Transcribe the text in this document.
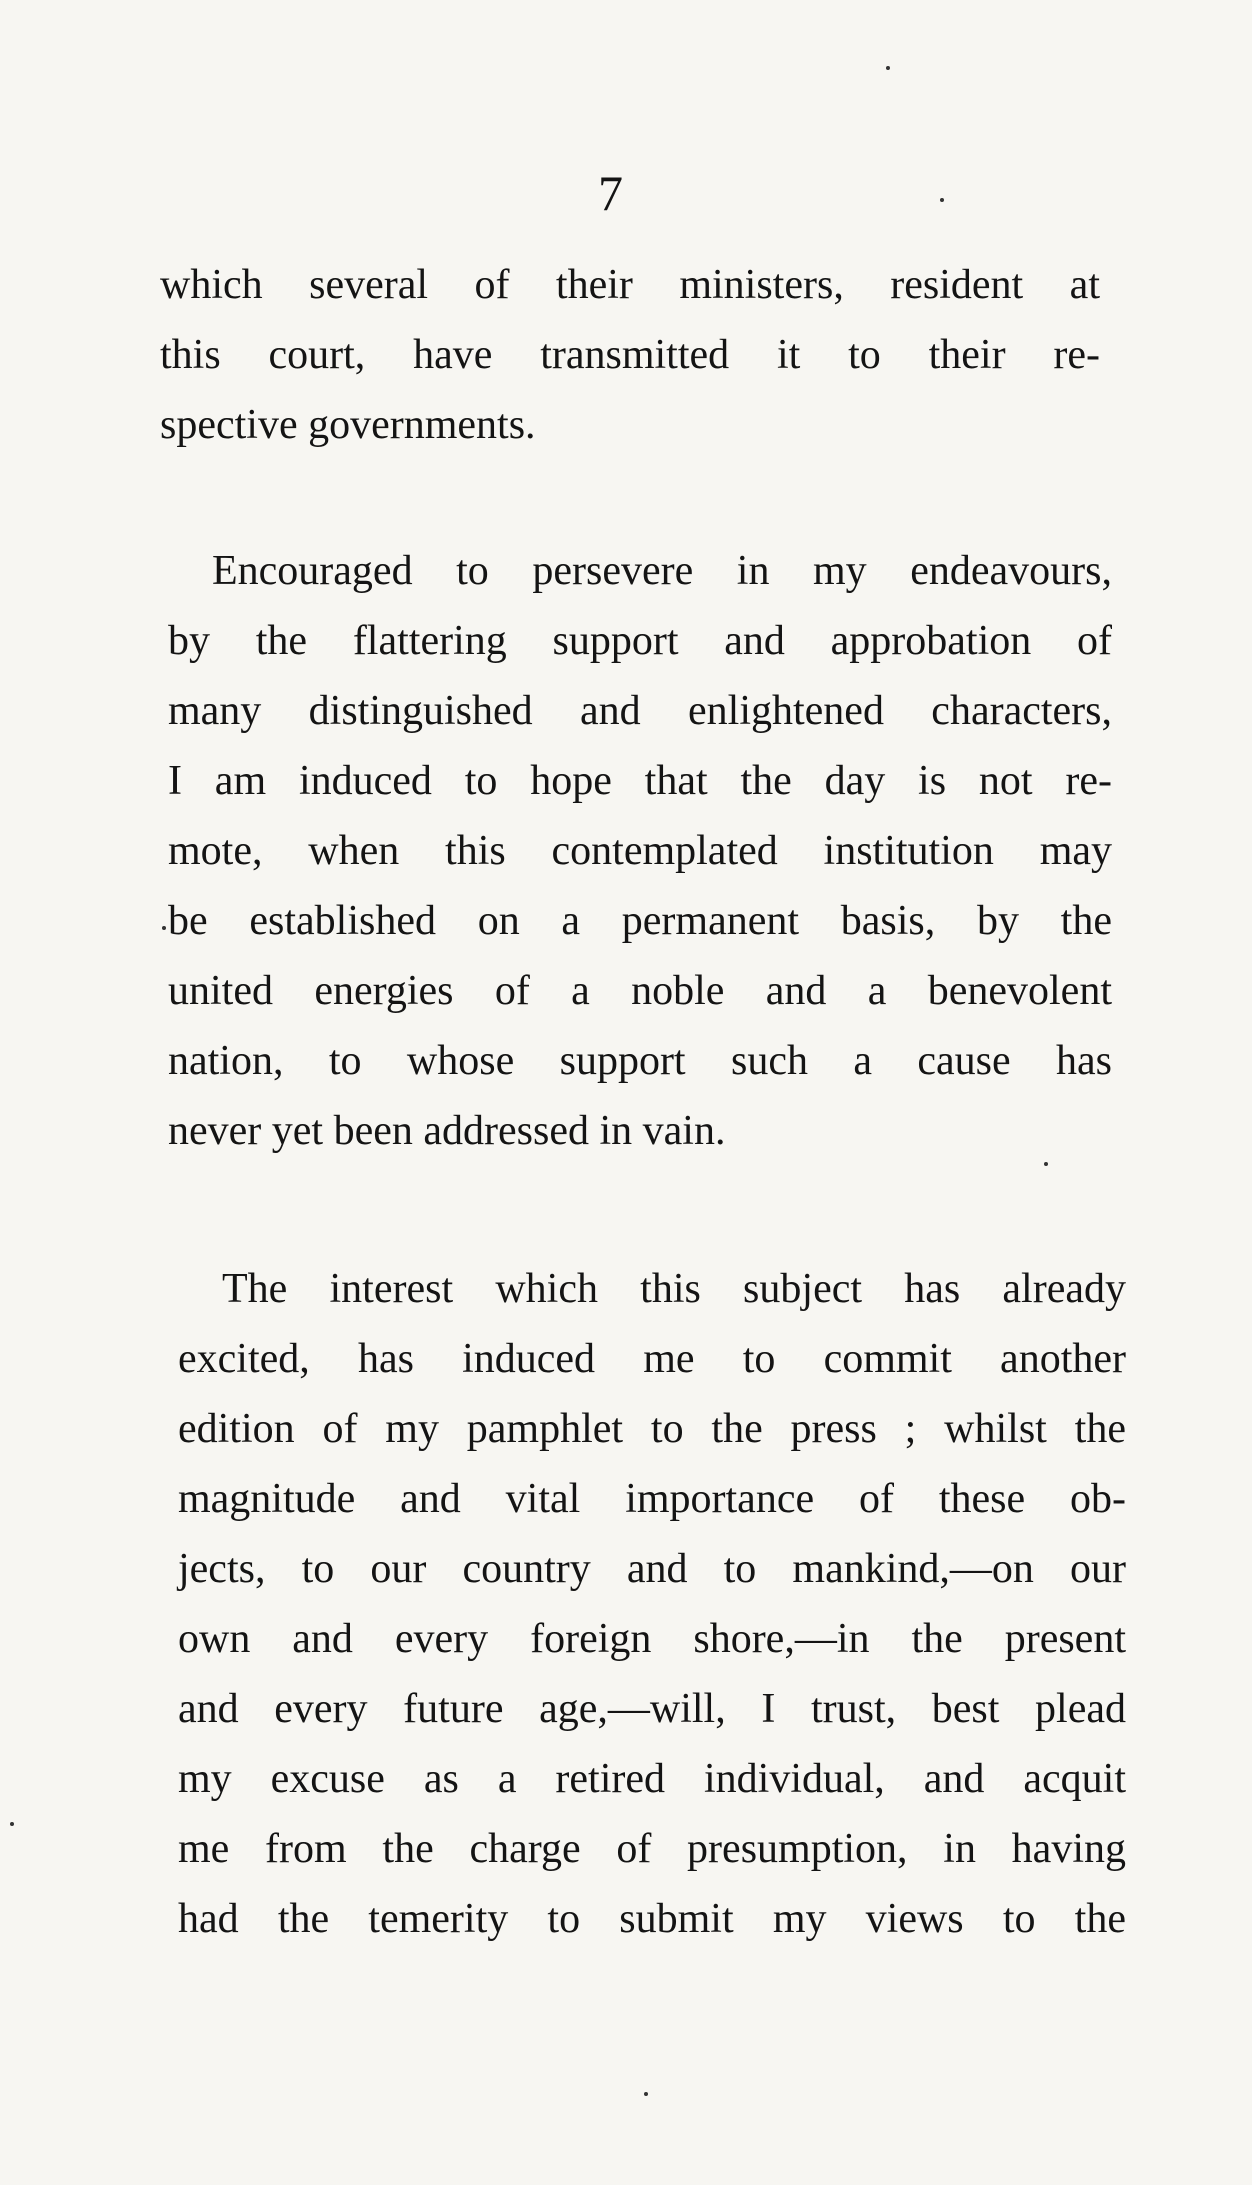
7
which several of their ministers, resident at
this court, have transmitted it to their re-
spective governments.
Encouraged to persevere in my endeavours,
by the flattering support and approbation of
many distinguished and enlightened characters,
I am induced to hope that the day is not re-
mote, when this contemplated institution may
be established on a permanent basis, by the
united energies of a noble and a benevolent
nation, to whose support such a cause has
never yet been addressed in vain.
The interest which this subject has already
excited, has induced me to commit another
edition of my pamphlet to the press ; whilst the
magnitude and vital importance of these ob-
jects, to our country and to mankind,—on our
own and every foreign shore,—in the present
and every future age,—will, I trust, best plead
my excuse as a retired individual, and acquit
me from the charge of presumption, in having
had the temerity to submit my views to the
